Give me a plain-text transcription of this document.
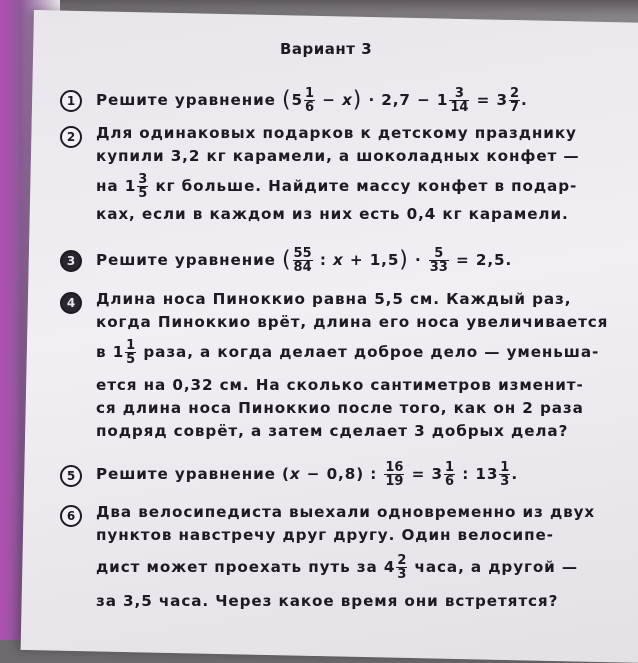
Вариант 3
1	Решите уравнение $(5 \frac{1}{6} - x) \cdot 2,7 - 1 \frac{3}{14} = 3 \frac{2}{7}$ .
2	Для одинаковых подарков к детскому празднику
купили 3,2 кг карамели, а шоколадных конфет —
на $1 \frac{3}{5}$ кг больше. Найдите массу конфет в подар-
ках, если в каждом из них есть 0,4 кг карамели.
3	Решите уравнение ( $\frac{55}{84}$ : $x + 1,5) \cdot \frac{5}{33} = 2,5$.
4	Длина носа Пиноккио равна 5,5 см. Каждый раз,
когда Пиноккио врёт, длина его носа увеличивается
в $1 \frac{1}{5}$ раза, а когда делает доброе дело — уменьша-
ется на 0,32 см. На сколько сантиметров изменит-
ся длина носа Пиноккио после того, как он 2 раза
подряд соврёт, а затем сделает 3 добрых дела?
5	Решите уравнение (x − 0,8) : $\frac{16}{19} = 3 \frac{1}{6}$ : $13 \frac{1}{3}$ .
6	Два велосипедиста выехали одновременно из двух
пунктов навстречу друг другу. Один велосипе-
дист может проехать путь за $4 \frac{2}{3}$ часа, а другой —
за 3,5 часа. Через какое время они встретятся?
